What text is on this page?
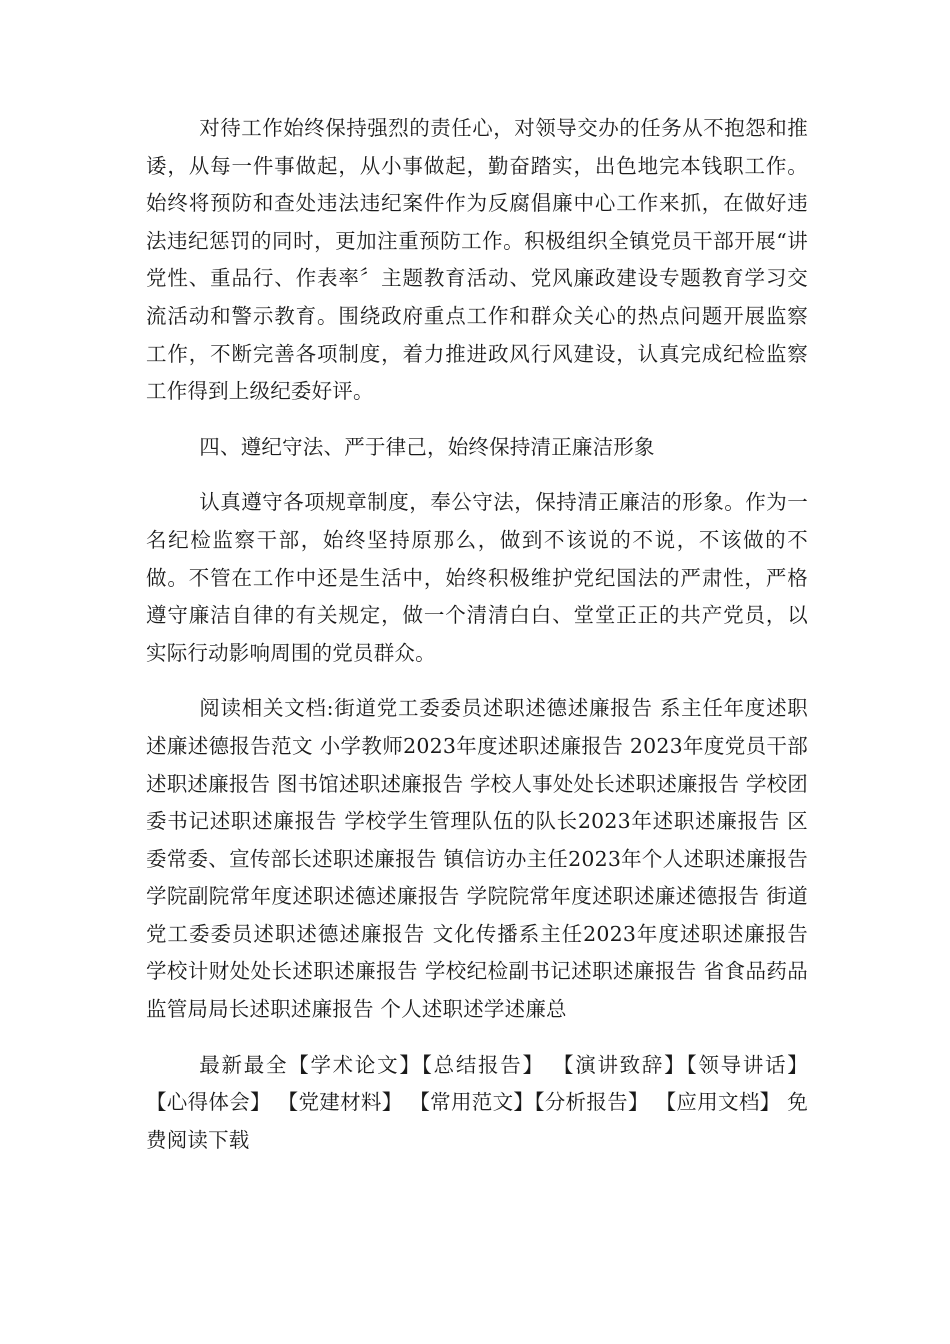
对待工作始终保持强烈的责任心，对领导交办的任务从不抱怨和推诿，从每一件事做起，从小事做起，勤奋踏实，出色地完本钱职工作。始终将预防和查处违法违纪案件作为反腐倡廉中心工作来抓，在做好违法违纪惩罚的同时，更加注重预防工作。积极组织全镇党员干部开展“讲党性、重品行、作表率〞主题教育活动、党风廉政建设专题教育学习交流活动和警示教育。围绕政府重点工作和群众关心的热点问题开展监察工作，不断完善各项制度，着力推进政风行风建设，认真完成纪检监察工作得到上级纪委好评。

四、遵纪守法、严于律己，始终保持清正廉洁形象

认真遵守各项规章制度，奉公守法，保持清正廉洁的形象。作为一名纪检监察干部，始终坚持原那么，做到不该说的不说，不该做的不做。不管在工作中还是生活中，始终积极维护党纪国法的严肃性，严格遵守廉洁自律的有关规定，做一个清清白白、堂堂正正的共产党员，以实际行动影响周围的党员群众。

阅读相关文档:街道党工委委员述职述德述廉报告 系主任年度述职述廉述德报告范文 小学教师2023年度述职述廉报告 2023年度党员干部述职述廉报告 图书馆述职述廉报告 学校人事处处长述职述廉报告 学校团委书记述职述廉报告 学校学生管理队伍的队长2023年述职述廉报告 区委常委、宣传部长述职述廉报告 镇信访办主任2023年个人述职述廉报告 学院副院常年度述职述德述廉报告 学院院常年度述职述廉述德报告 街道党工委委员述职述德述廉报告 文化传播系主任2023年度述职述廉报告 学校计财处处长述职述廉报告 学校纪检副书记述职述廉报告 省食品药品监管局局长述职述廉报告 个人述职述学述廉总

最新最全【学术论文】【总结报告】 【演讲致辞】【领导讲话】 【心得体会】 【党建材料】 【常用范文】【分析报告】 【应用文档】 免费阅读下载
